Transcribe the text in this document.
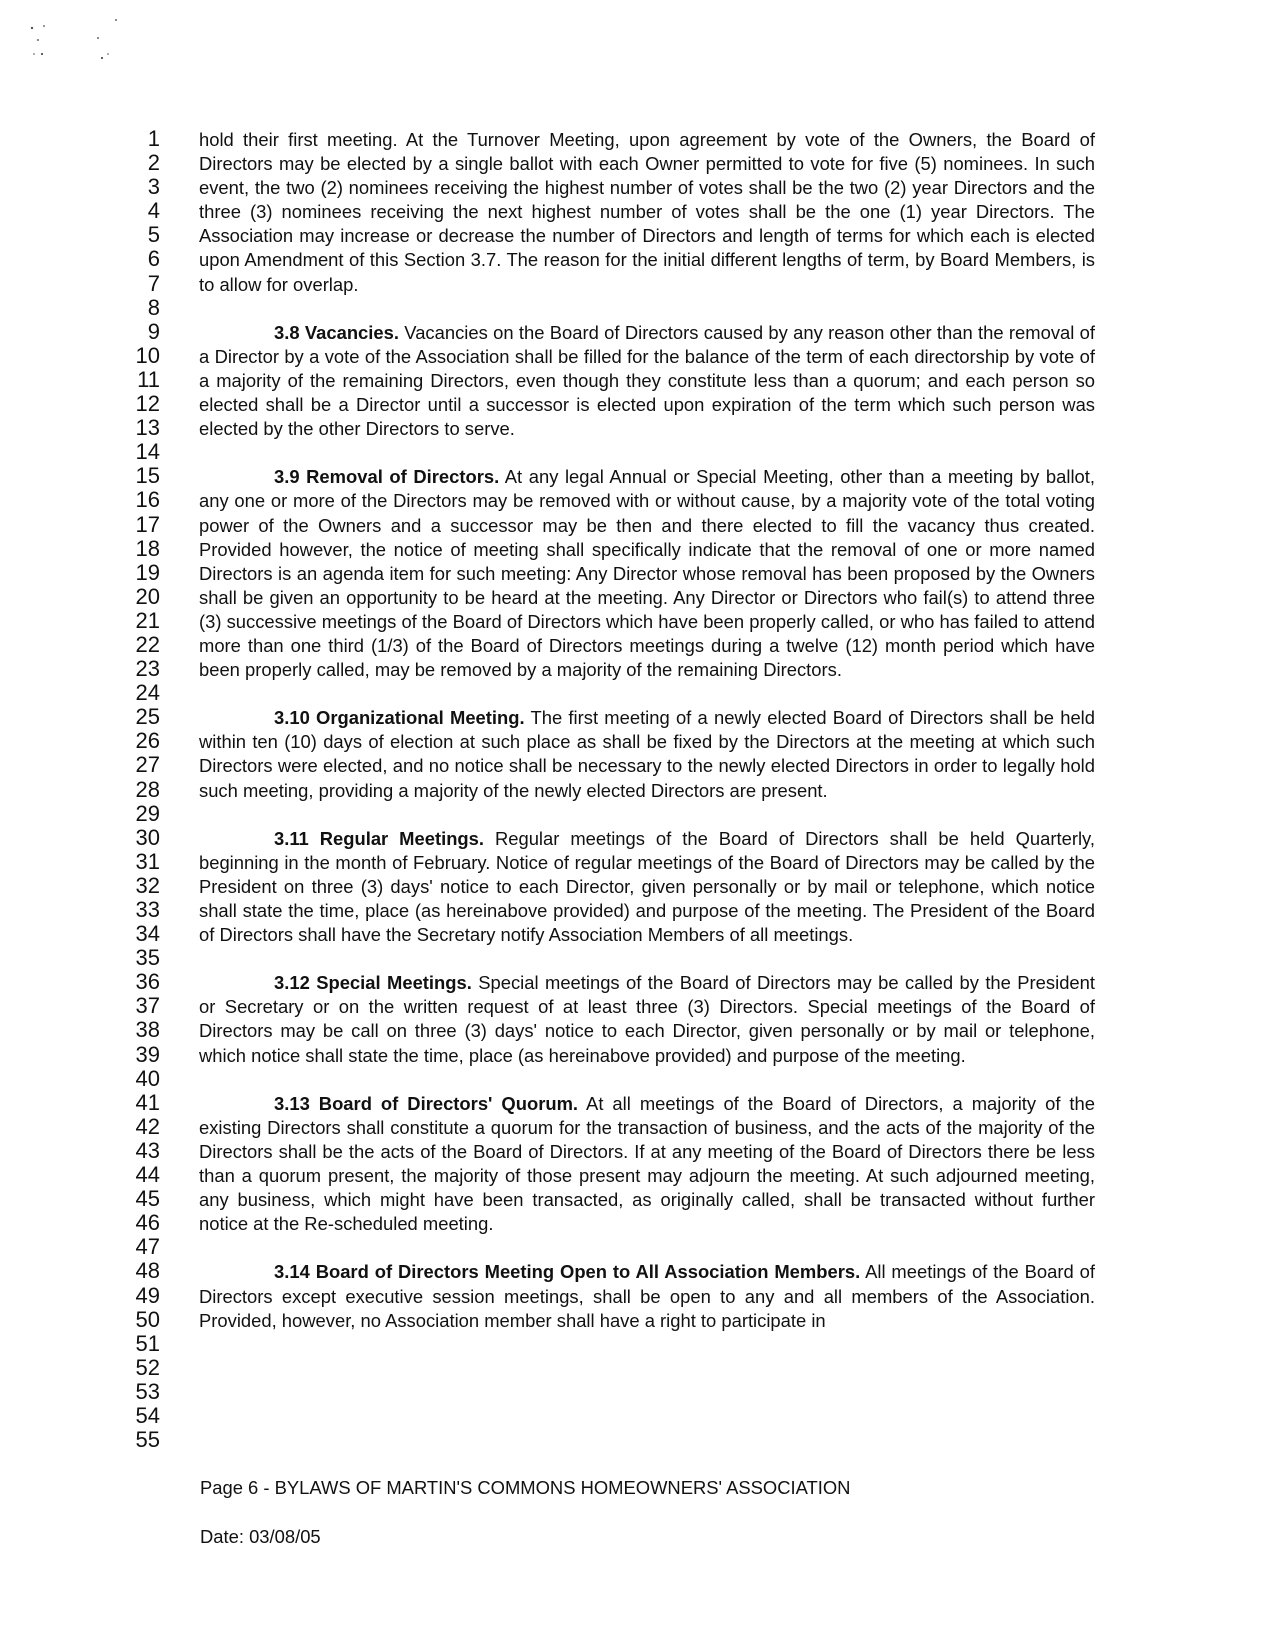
1
2
3
4
5
6
7
8
9
10
11
12
13
14
15
16
17
18
19
20
21
22
23
24
25
26
27
28
29
30
31
32
33
34
35
36
37
38
39
40
41
42
43
44
45
46
47
48
49
50
51
52
53
54
55

hold their first meeting. At the Turnover Meeting, upon agreement by vote of the Owners, the Board of Directors may be elected by a single ballot with each Owner permitted to vote for five (5) nominees. In such event, the two (2) nominees receiving the highest number of votes shall be the two (2) year Directors and the three (3) nominees receiving the next highest number of votes shall be the one (1) year Directors. The Association may increase or decrease the number of Directors and length of terms for which each is elected upon Amendment of this Section 3.7. The reason for the initial different lengths of term, by Board Members, is to allow for overlap.

3.8 Vacancies. Vacancies on the Board of Directors caused by any reason other than the removal of a Director by a vote of the Association shall be filled for the balance of the term of each directorship by vote of a majority of the remaining Directors, even though they constitute less than a quorum; and each person so elected shall be a Director until a successor is elected upon expiration of the term which such person was elected by the other Directors to serve.

3.9 Removal of Directors. At any legal Annual or Special Meeting, other than a meeting by ballot, any one or more of the Directors may be removed with or without cause, by a majority vote of the total voting power of the Owners and a successor may be then and there elected to fill the vacancy thus created. Provided however, the notice of meeting shall specifically indicate that the removal of one or more named Directors is an agenda item for such meeting: Any Director whose removal has been proposed by the Owners shall be given an opportunity to be heard at the meeting. Any Director or Directors who fail(s) to attend three (3) successive meetings of the Board of Directors which have been properly called, or who has failed to attend more than one third (1/3) of the Board of Directors meetings during a twelve (12) month period which have been properly called, may be removed by a majority of the remaining Directors.

3.10 Organizational Meeting. The first meeting of a newly elected Board of Directors shall be held within ten (10) days of election at such place as shall be fixed by the Directors at the meeting at which such Directors were elected, and no notice shall be necessary to the newly elected Directors in order to legally hold such meeting, providing a majority of the newly elected Directors are present.

3.11 Regular Meetings. Regular meetings of the Board of Directors shall be held Quarterly, beginning in the month of February. Notice of regular meetings of the Board of Directors may be called by the President on three (3) days' notice to each Director, given personally or by mail or telephone, which notice shall state the time, place (as hereinabove provided) and purpose of the meeting. The President of the Board of Directors shall have the Secretary notify Association Members of all meetings.

3.12 Special Meetings. Special meetings of the Board of Directors may be called by the President or Secretary or on the written request of at least three (3) Directors. Special meetings of the Board of Directors may be call on three (3) days' notice to each Director, given personally or by mail or telephone, which notice shall state the time, place (as hereinabove provided) and purpose of the meeting.

3.13 Board of Directors' Quorum. At all meetings of the Board of Directors, a majority of the existing Directors shall constitute a quorum for the transaction of business, and the acts of the majority of the Directors shall be the acts of the Board of Directors. If at any meeting of the Board of Directors there be less than a quorum present, the majority of those present may adjourn the meeting. At such adjourned meeting, any business, which might have been transacted, as originally called, shall be transacted without further notice at the Re-scheduled meeting.

3.14 Board of Directors Meeting Open to All Association Members. All meetings of the Board of Directors except executive session meetings, shall be open to any and all members of the Association. Provided, however, no Association member shall have a right to participate in

Page 6 - BYLAWS OF MARTIN'S COMMONS HOMEOWNERS' ASSOCIATION

Date: 03/08/05
